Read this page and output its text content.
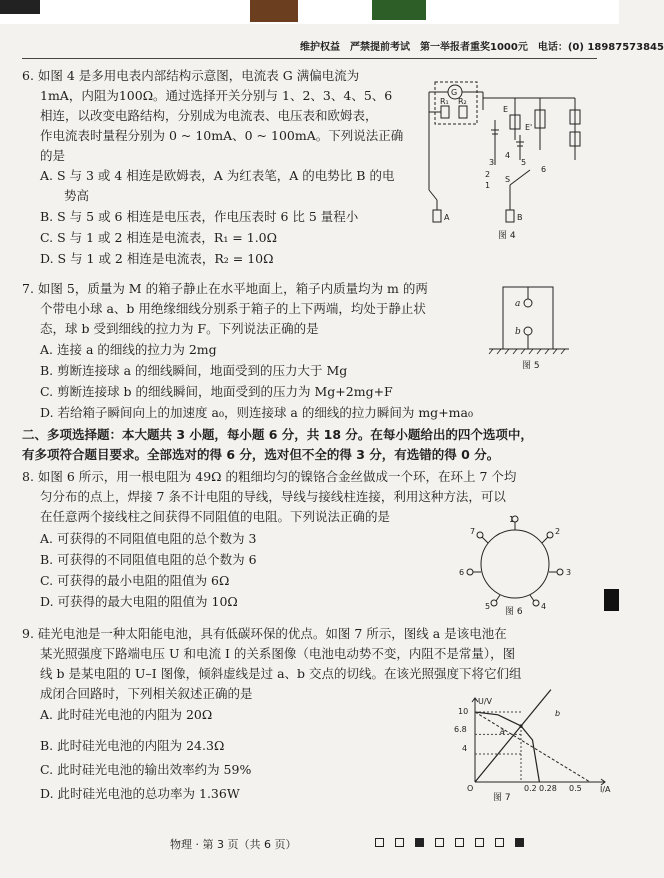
维护权益　严禁提前考试　第一举报者重奖1000元　电话：(0) 18987573845
6. 如图 4 是多用电表内部结构示意图，电流表 G 满偏电流为
1mA，内阻为100Ω。通过选择开关分别与 1、2、3、4、5、6
相连，以改变电路结构，分别成为电流表、电压表和欧姆表，
作电流表时量程分别为 0 ~ 10mA、0 ~ 100mA。下列说法正确
的是
A. S 与 3 或 4 相连是欧姆表，A 为红表笔，A 的电势比 B 的电
势高
B. S 与 5 或 6 相连是电压表，作电压表时 6 比 5 量程小
C. S 与 1 或 2 相连是电流表，R₁ = 1.0Ω
D. S 与 1 或 2 相连是电流表，R₂ = 10Ω
G
R₁ R₂
E
E'
2
1
3
4
5
6
S
A	B
图 4
7. 如图 5，质量为 M 的箱子静止在水平地面上，箱子内质量均为 m 的两
个带电小球 a、b 用绝缘细线分别系于箱子的上下两端，均处于静止状
态，球 b 受到细线的拉力为 F。下列说法正确的是
A. 连接 a 的细线的拉力为 2mg
B. 剪断连接球 a 的细线瞬间，地面受到的压力大于 Mg
C. 剪断连接球 b 的细线瞬间，地面受到的压力为 Mg+2mg+F
D. 若给箱子瞬间向上的加速度 a₀，则连接球 a 的细线的拉力瞬间为 mg+ma₀
a
b
图 5
二、多项选择题：本大题共 3 小题，每小题 6 分，共 18 分。在每小题给出的四个选项中，
有多项符合题目要求。全部选对的得 6 分，选对但不全的得 3 分，有选错的得 0 分。
8. 如图 6 所示，用一根电阻为 49Ω 的粗细均匀的镍铬合金丝做成一个环，在环上 7 个均
匀分布的点上，焊接 7 条不计电阻的导线，导线与接线柱连接，利用这种方法，可以
在任意两个接线柱之间获得不同阻值的电阻。下列说法正确的是
A. 可获得的不同阻值电阻的总个数为 3
B. 可获得的不同阻值电阻的总个数为 6
C. 可获得的最小电阻的阻值为 6Ω
D. 可获得的最大电阻的阻值为 10Ω
1
2
3
4
5
6
7
图 6
9. 硅光电池是一种太阳能电池，具有低碳环保的优点。如图 7 所示，图线 a 是该电池在
某光照强度下路端电压 U 和电流 I 的关系图像（电池电动势不变，内阻不是常量），图
线 b 是某电阻的 U–I 图像，倾斜虚线是过 a、b 交点的切线。在该光照强度下将它们组
成闭合回路时，下列相关叙述正确的是
A. 此时硅光电池的内阻为 20Ω
B. 此时硅光电池的内阻为 24.3Ω
C. 此时硅光电池的输出效率约为 59%
D. 此时硅光电池的总功率为 1.36W
U/V
I/A
O
10
6.8
4
0.2 0.28 0.5
a
b
图 7
物理 · 第 3 页（共 6 页）
